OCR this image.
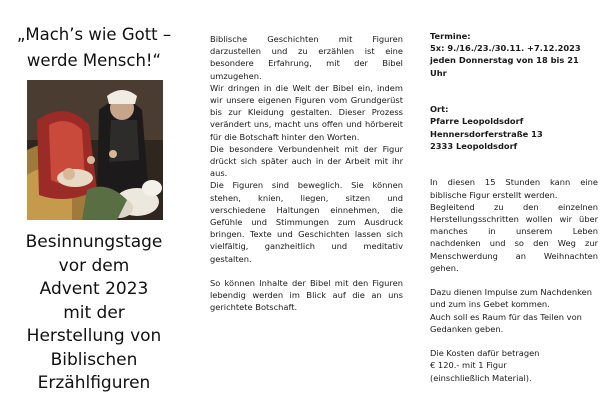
„Mach’s wie Gott –
werde Mensch!“
Besinnungstage
vor dem
Advent 2023
mit der
Herstellung von
Biblischen
Erzählfiguren

Biblische Geschichten mit Figuren darzustellen und zu erzählen ist eine besondere Erfahrung, mit der Bibel umzugehen.

Wir dringen in die Welt der Bibel ein, indem wir unsere eigenen Figuren vom Grundgerüst bis zur Kleidung gestalten. Dieser Prozess verändert uns, macht uns offen und hörbereit für die Botschaft hinter den Worten.

Die besondere Verbundenheit mit der Figur drückt sich später auch in der Arbeit mit ihr aus.

Die Figuren sind beweglich. Sie können stehen, knien, liegen, sitzen und verschiedene Haltungen einnehmen, die Gefühle und Stimmungen zum Ausdruck bringen. Texte und Geschichten lassen sich vielfältig, ganzheitlich und meditativ gestalten.

So können Inhalte der Bibel mit den Figuren lebendig werden im Blick auf die an uns gerichtete Botschaft.

Termine:

5x: 9./16./23./30.11. +7.12.2023

jeden Donnerstag von 18 bis 21 Uhr

Ort:

Pfarre Leopoldsdorf

Hennersdorferstraße 13

2333 Leopoldsdorf

In diesen 15 Stunden kann eine biblische Figur erstellt werden.

Begleitend zu den einzelnen Herstellungsschritten wollen wir über manches in unserem Leben nachdenken und so den Weg zur Menschwerdung an Weihnachten gehen.

Dazu dienen Impulse zum Nachdenken und zum ins Gebet kommen.

Auch soll es Raum für das Teilen von Gedanken geben.

Die Kosten dafür betragen

€ 120.- mit 1 Figur

(einschließlich Material).
